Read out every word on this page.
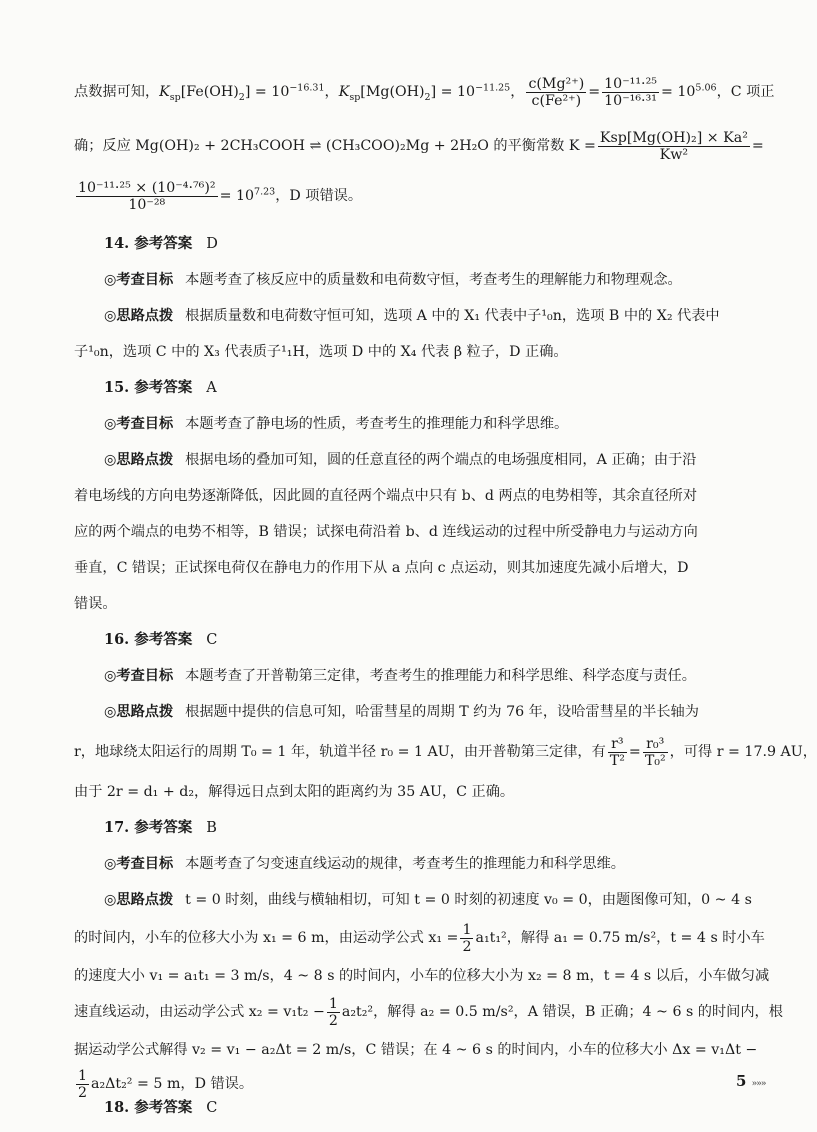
点数据可知，$K_{sp}[Fe(OH)_2] = 10^{-16.31}$，$K_{sp}[Mg(OH)_2] = 10^{-11.25}$， $\frac{\text{c(Mg²⁺)}}{\text{c(Fe²⁺)}} = \frac{\text{10⁻¹¹·²⁵}}{\text{10⁻¹⁶·³¹}} = 10^{5.06}$，C 项正
确；反应 Mg(OH)₂ + 2CH₃COOH ⇌ (CH₃COO)₂Mg + 2H₂O 的平衡常数 $K = \frac{\text{Ksp[Mg(OH)₂] × Ka²}}{\text{Kw²}}$ =
$\frac{\text{10⁻¹¹·²⁵ × (10⁻⁴·⁷⁶)²}}{\text{10⁻²⁸}} = 10^{7.23}$，D 项错误。
14. 参考答案 D
◎考查目标 本题考查了核反应中的质量数和电荷数守恒，考查考生的理解能力和物理观念。
◎思路点拨 根据质量数和电荷数守恒可知，选项 A 中的 X₁ 代表中子¹₀n，选项 B 中的 X₂ 代表中
子¹₀n，选项 C 中的 X₃ 代表质子¹₁H，选项 D 中的 X₄ 代表 β 粒子，D 正确。
15. 参考答案 A
◎考查目标 本题考查了静电场的性质，考查考生的推理能力和科学思维。
◎思路点拨 根据电场的叠加可知，圆的任意直径的两个端点的电场强度相同，A 正确；由于沿
着电场线的方向电势逐渐降低，因此圆的直径两个端点中只有 b、d 两点的电势相等，其余直径所对
应的两个端点的电势不相等，B 错误；试探电荷沿着 b、d 连线运动的过程中所受静电力与运动方向
垂直，C 错误；正试探电荷仅在静电力的作用下从 a 点向 c 点运动，则其加速度先减小后增大，D
错误。
16. 参考答案 C
◎考查目标 本题考查了开普勒第三定律，考查考生的推理能力和科学思维、科学态度与责任。
◎思路点拨 根据题中提供的信息可知，哈雷彗星的周期 T 约为 76 年，设哈雷彗星的半长轴为
r，地球绕太阳运行的周期 T₀ = 1 年，轨道半径 r₀ = 1 AU，由开普勒第三定律，有 $\frac{\text{r³}}{\text{T²}} = \frac{\text{r₀³}}{\text{T₀²}}$ ，可得 r = 17.9 AU，
由于 2r = d₁ + d₂，解得远日点到太阳的距离约为 35 AU，C 正确。
17. 参考答案 B
◎考查目标 本题考查了匀变速直线运动的规律，考查考生的推理能力和科学思维。
◎思路点拨 t = 0 时刻，曲线与横轴相切，可知 t = 0 时刻的初速度 v₀ = 0，由题图像可知，0 ~ 4 s
的时间内，小车的位移大小为 x₁ = 6 m，由运动学公式 $x_1 = \frac{1}{2} a_1t_1^2$，解得 a₁ = 0.75 m/s²，t = 4 s 时小车
的速度大小 v₁ = a₁t₁ = 3 m/s，4 ~ 8 s 的时间内，小车的位移大小为 x₂ = 8 m，t = 4 s 以后，小车做匀减
速直线运动，由运动学公式 $x_2 = v_1t_2 - \frac{1}{2} a_2t_2^2$，解得 a₂ = 0.5 m/s²，A 错误，B 正确；4 ~ 6 s 的时间内，根
据运动学公式解得 v₂ = v₁ − a₂Δt = 2 m/s，C 错误；在 4 ~ 6 s 的时间内，小车的位移大小 Δx = v₁Δt −
$\frac{1}{2} a_2\Delta t_2^2 = 5$ m，D 错误。
18. 参考答案 C
5 »»»
